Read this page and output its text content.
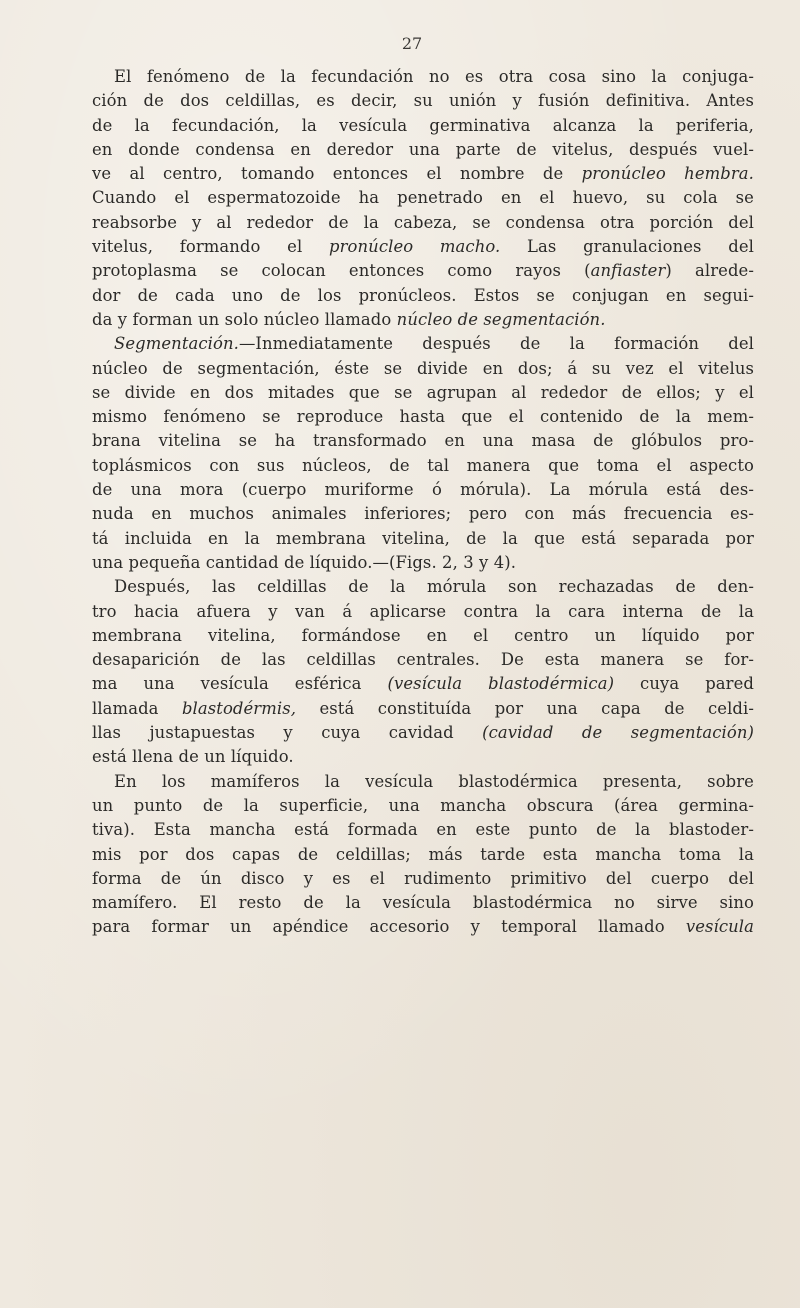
27

El fenómeno de la fecundación no es otra cosa sino la conjuga-
ción de dos celdillas, es decir, su unión y fusión definitiva. Antes
de la fecundación, la vesícula germinativa alcanza la periferia,
en donde condensa en deredor una parte de vitelus, después vuel-
ve al centro, tomando entonces el nombre de pronúcleo hembra.
Cuando el espermatozoide ha penetrado en el huevo, su cola se
reabsorbe y al rededor de la cabeza, se condensa otra porción del
vitelus, formando el pronúcleo macho. Las granulaciones del
protoplasma se colocan entonces como rayos (anfiaster) alrede-
dor de cada uno de los pronúcleos. Estos se conjugan en segui-
da y forman un solo núcleo llamado núcleo de segmentación.

Segmentación.—Inmediatamente después de la formación del
núcleo de segmentación, éste se divide en dos; á su vez el vitelus
se divide en dos mitades que se agrupan al rededor de ellos; y el
mismo fenómeno se reproduce hasta que el contenido de la mem-
brana vitelina se ha transformado en una masa de glóbulos pro-
toplásmicos con sus núcleos, de tal manera que toma el aspecto
de una mora (cuerpo muriforme ó mórula). La mórula está des-
nuda en muchos animales inferiores; pero con más frecuencia es-
tá incluida en la membrana vitelina, de la que está separada por
una pequeña cantidad de líquido.—(Figs. 2, 3 y 4).

Después, las celdillas de la mórula son rechazadas de den-
tro hacia afuera y van á aplicarse contra la cara interna de la
membrana vitelina, formándose en el centro un líquido por
desaparición de las celdillas centrales. De esta manera se for-
ma una vesícula esférica (vesícula blastodérmica) cuya pared
llamada blastodérmis, está constituída por una capa de celdi-
llas justapuestas y cuya cavidad (cavidad de segmentación)
está llena de un líquido.

En los mamíferos la vesícula blastodérmica presenta, sobre
un punto de la superficie, una mancha obscura (área germina-
tiva). Esta mancha está formada en este punto de la blastoder-
mis por dos capas de celdillas; más tarde esta mancha toma la
forma de ún disco y es el rudimento primitivo del cuerpo del
mamífero. El resto de la vesícula blastodérmica no sirve sino
para formar un apéndice accesorio y temporal llamado vesícula
